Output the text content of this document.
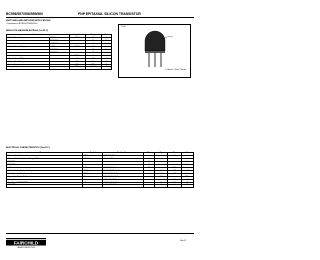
BC556/557/558/559/560	PNP EPITAXIAL SILICON TRANSISTOR
SWITCHING AND AMPLIFIER APPLICATIONS
• Complement to BC546/547/548/549/550
ABSOLUTE MAXIMUM RATINGS (Ta=25°C)
Characteristic		Symbol	Rating	Unit
Collector-Base Voltage	BC556	VCBO	-80	V
	BC557/560		-50	V
	BC558/559		-30	V
Collector-Emitter Voltage	BC556	VCEO	-65	V
	BC557/560		-45	V
	BC558/559		-30	V
Emitter-Base Voltage		VEBO	-5	V
Collector Current (DC)		IC	-100	mA
Collector Power Dissipation		PC	500	mW
Junction Temperature		TJ	150	°C
Storage Temperature		TSTG	-65~150	°C
TO-92
1. Collector 2. Base 3. Emitter
ELECTRICAL CHARACTERISTICS (Ta=25°C)
Characteristic	Symbol	Test Conditions	Min	Typ	Max	Unit
Collector Cut-off Current	ICBO	VCB=-30V, IE=0			-15	nA
Collector-Emitter Breakdown Voltage BC556	BVCEO	IC=-2mA, IB=0	-65			V
BC557/560			-45			V
BC558/559			-30			V
DC Current Gain	hFE	VCE=-5V, IC=-2mA	110		800	
Collector-Emitter Saturation Voltage	VCE(sat)	IC=-10mA, IB=-0.5mA		-90	-250	mV
Base-Emitter On Voltage	VBE(on)	VCE=-5V, IC=-2mA	-0.6	-0.66	-0.75	V
Current Gain Bandwidth Product	fT	VCE=-5V, IC=-10mA		150		MHz
Output Capacitance	Cob	VCB=-10V, f=1MHz			4.5	pF
Noise Figure BC556/557/558	NF	VCE=-5V, IC=-200µA		2	10	dB
BC559/560		f=1kHz, RG=2kΩ		1	4	dB
FAIRCHILD
SEMICONDUCTOR
Rev. B
